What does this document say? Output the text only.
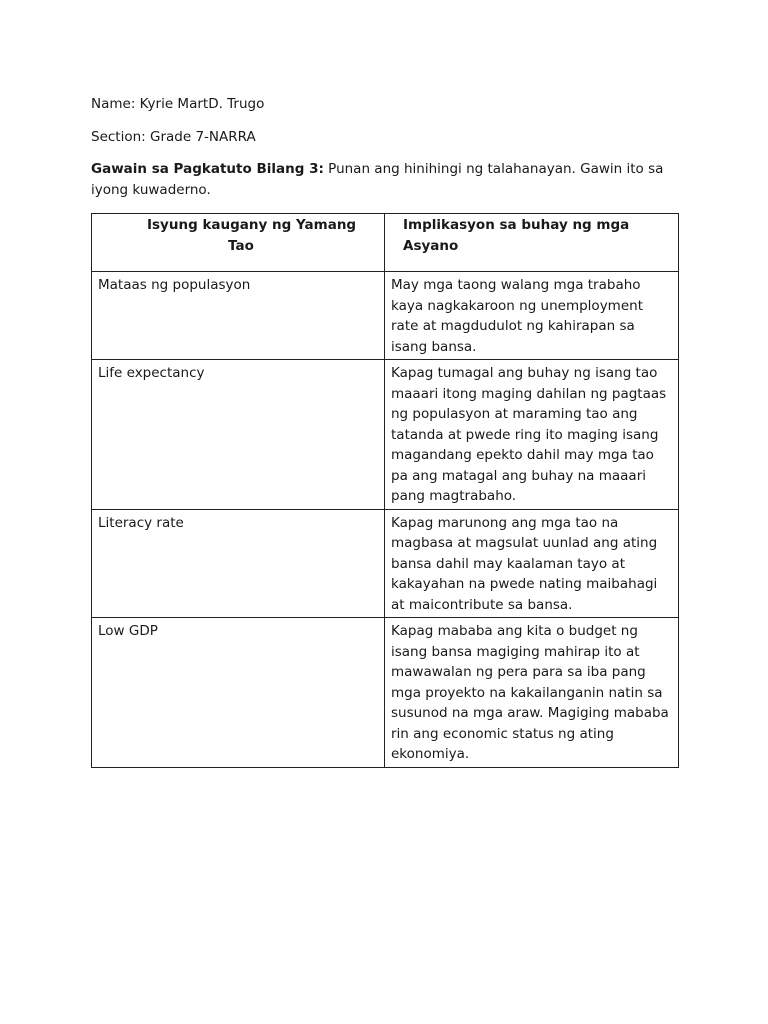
Name: Kyrie MartD. Trugo
Section: Grade 7-NARRA
Gawain sa Pagkatuto Bilang 3: Punan ang hinihingi ng talahanayan. Gawin ito sa iyong kuwaderno.
Isyung kaugany ng Yamang
Tao	Implikasyon sa buhay ng mga Asyano
Mataas ng populasyon	May mga taong walang mga trabaho kaya nagkakaroon ng unemployment rate at magdudulot ng kahirapan sa isang bansa.
Life expectancy	Kapag tumagal ang buhay ng isang tao maaari itong maging dahilan ng pagtaas ng populasyon at maraming tao ang tatanda at pwede ring ito maging isang magandang epekto dahil may mga tao pa ang matagal ang buhay na maaari pang magtrabaho.
Literacy rate	Kapag marunong ang mga tao na magbasa at magsulat uunlad ang ating bansa dahil may kaalaman tayo at kakayahan na pwede nating maibahagi at maicontribute sa bansa.
Low GDP	Kapag mababa ang kita o budget ng isang bansa magiging mahirap ito at mawawalan ng pera para sa iba pang mga proyekto na kakailanganin natin sa susunod na mga araw. Magiging mababa rin ang economic status ng ating ekonomiya.
